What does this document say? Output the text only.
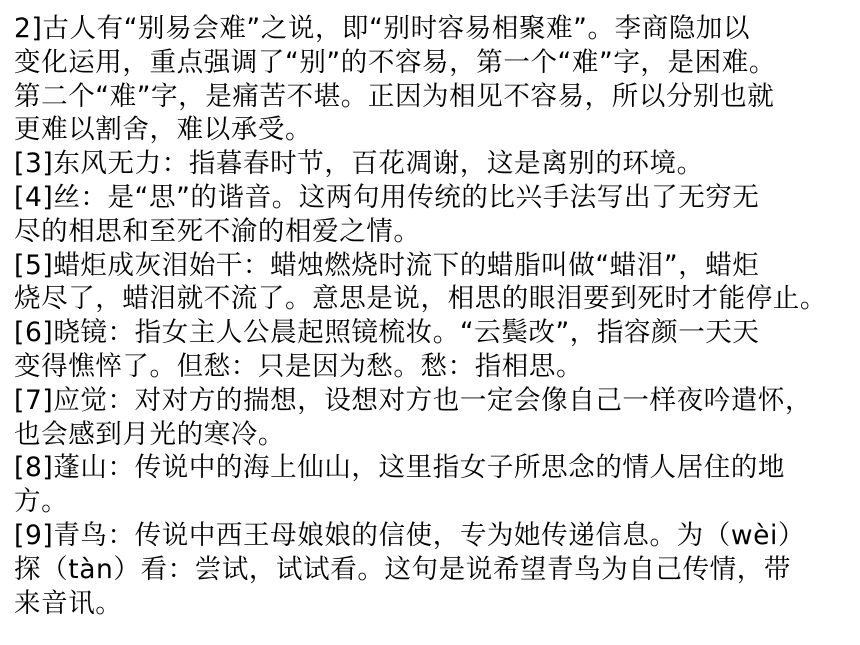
2]古人有“别易会难”之说，即“别时容易相聚难”。李商隐加以
变化运用，重点强调了“别”的不容易，第一个“难”字，是困难。
第二个“难”字，是痛苦不堪。正因为相见不容易，所以分别也就
更难以割舍，难以承受。
[3]东风无力：指暮春时节，百花凋谢，这是离别的环境。
[4]丝：是“思”的谐音。这两句用传统的比兴手法写出了无穷无
尽的相思和至死不渝的相爱之情。
[5]蜡炬成灰泪始干：蜡烛燃烧时流下的蜡脂叫做“蜡泪”，蜡炬
烧尽了，蜡泪就不流了。意思是说，相思的眼泪要到死时才能停止。
[6]晓镜：指女主人公晨起照镜梳妆。“云鬓改”，指容颜一天天
变得憔悴了。但愁：只是因为愁。愁：指相思。
[7]应觉：对对方的揣想，设想对方也一定会像自己一样夜吟遣怀，
也会感到月光的寒冷。
[8]蓬山：传说中的海上仙山，这里指女子所思念的情人居住的地
方。
[9]青鸟：传说中西王母娘娘的信使，专为她传递信息。为（wèi）
探（tàn）看：尝试，试试看。这句是说希望青鸟为自己传情，带
来音讯。
